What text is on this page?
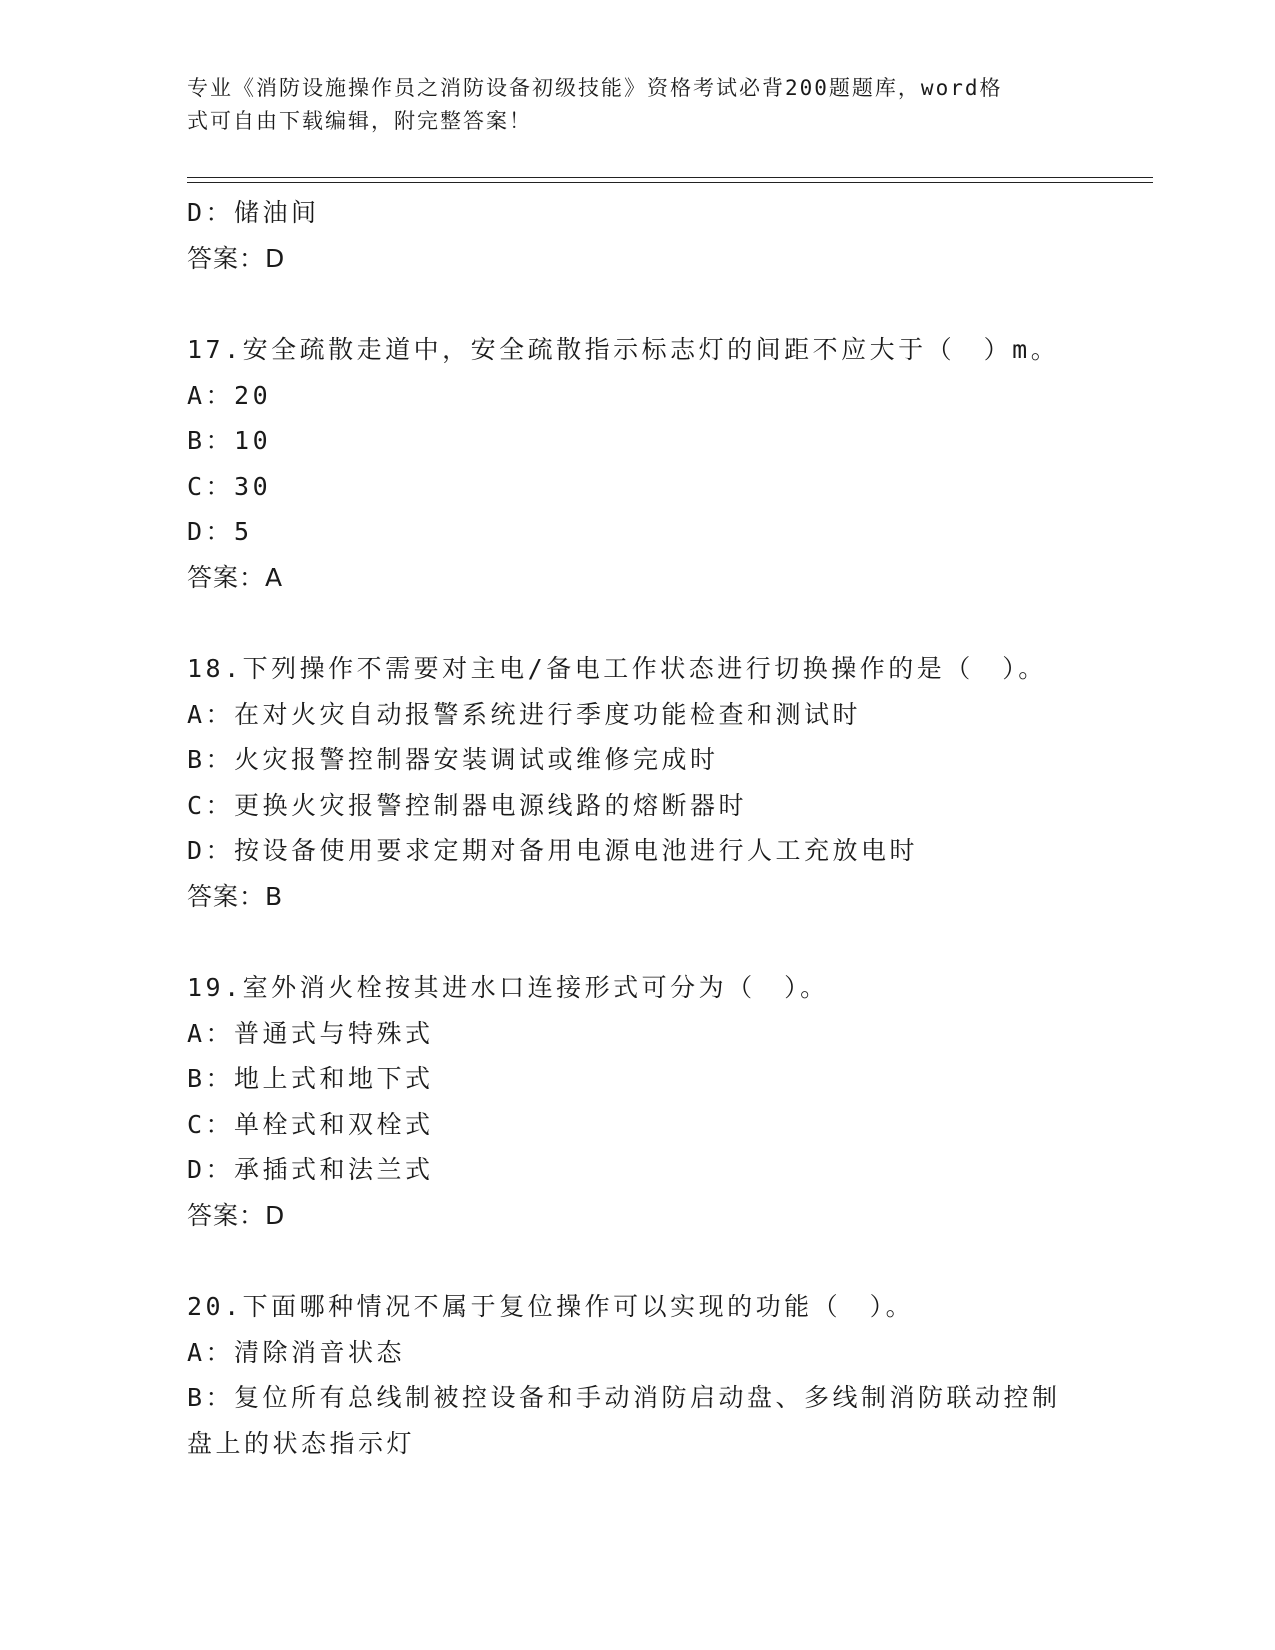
专业《消防设施操作员之消防设备初级技能》资格考试必背200题题库，word格
式可自由下载编辑，附完整答案！
D：储油间
答案：D
17.安全疏散走道中，安全疏散指示标志灯的间距不应大于（　）m。
A：20
B：10
C：30
D：5
答案：A
18.下列操作不需要对主电/备电工作状态进行切换操作的是（　）。
A：在对火灾自动报警系统进行季度功能检查和测试时
B：火灾报警控制器安装调试或维修完成时
C：更换火灾报警控制器电源线路的熔断器时
D：按设备使用要求定期对备用电源电池进行人工充放电时
答案：B
19.室外消火栓按其进水口连接形式可分为（　）。
A：普通式与特殊式
B：地上式和地下式
C：单栓式和双栓式
D：承插式和法兰式
答案：D
20.下面哪种情况不属于复位操作可以实现的功能（　）。
A：清除消音状态
B：复位所有总线制被控设备和手动消防启动盘、多线制消防联动控制盘上的状态指示灯
